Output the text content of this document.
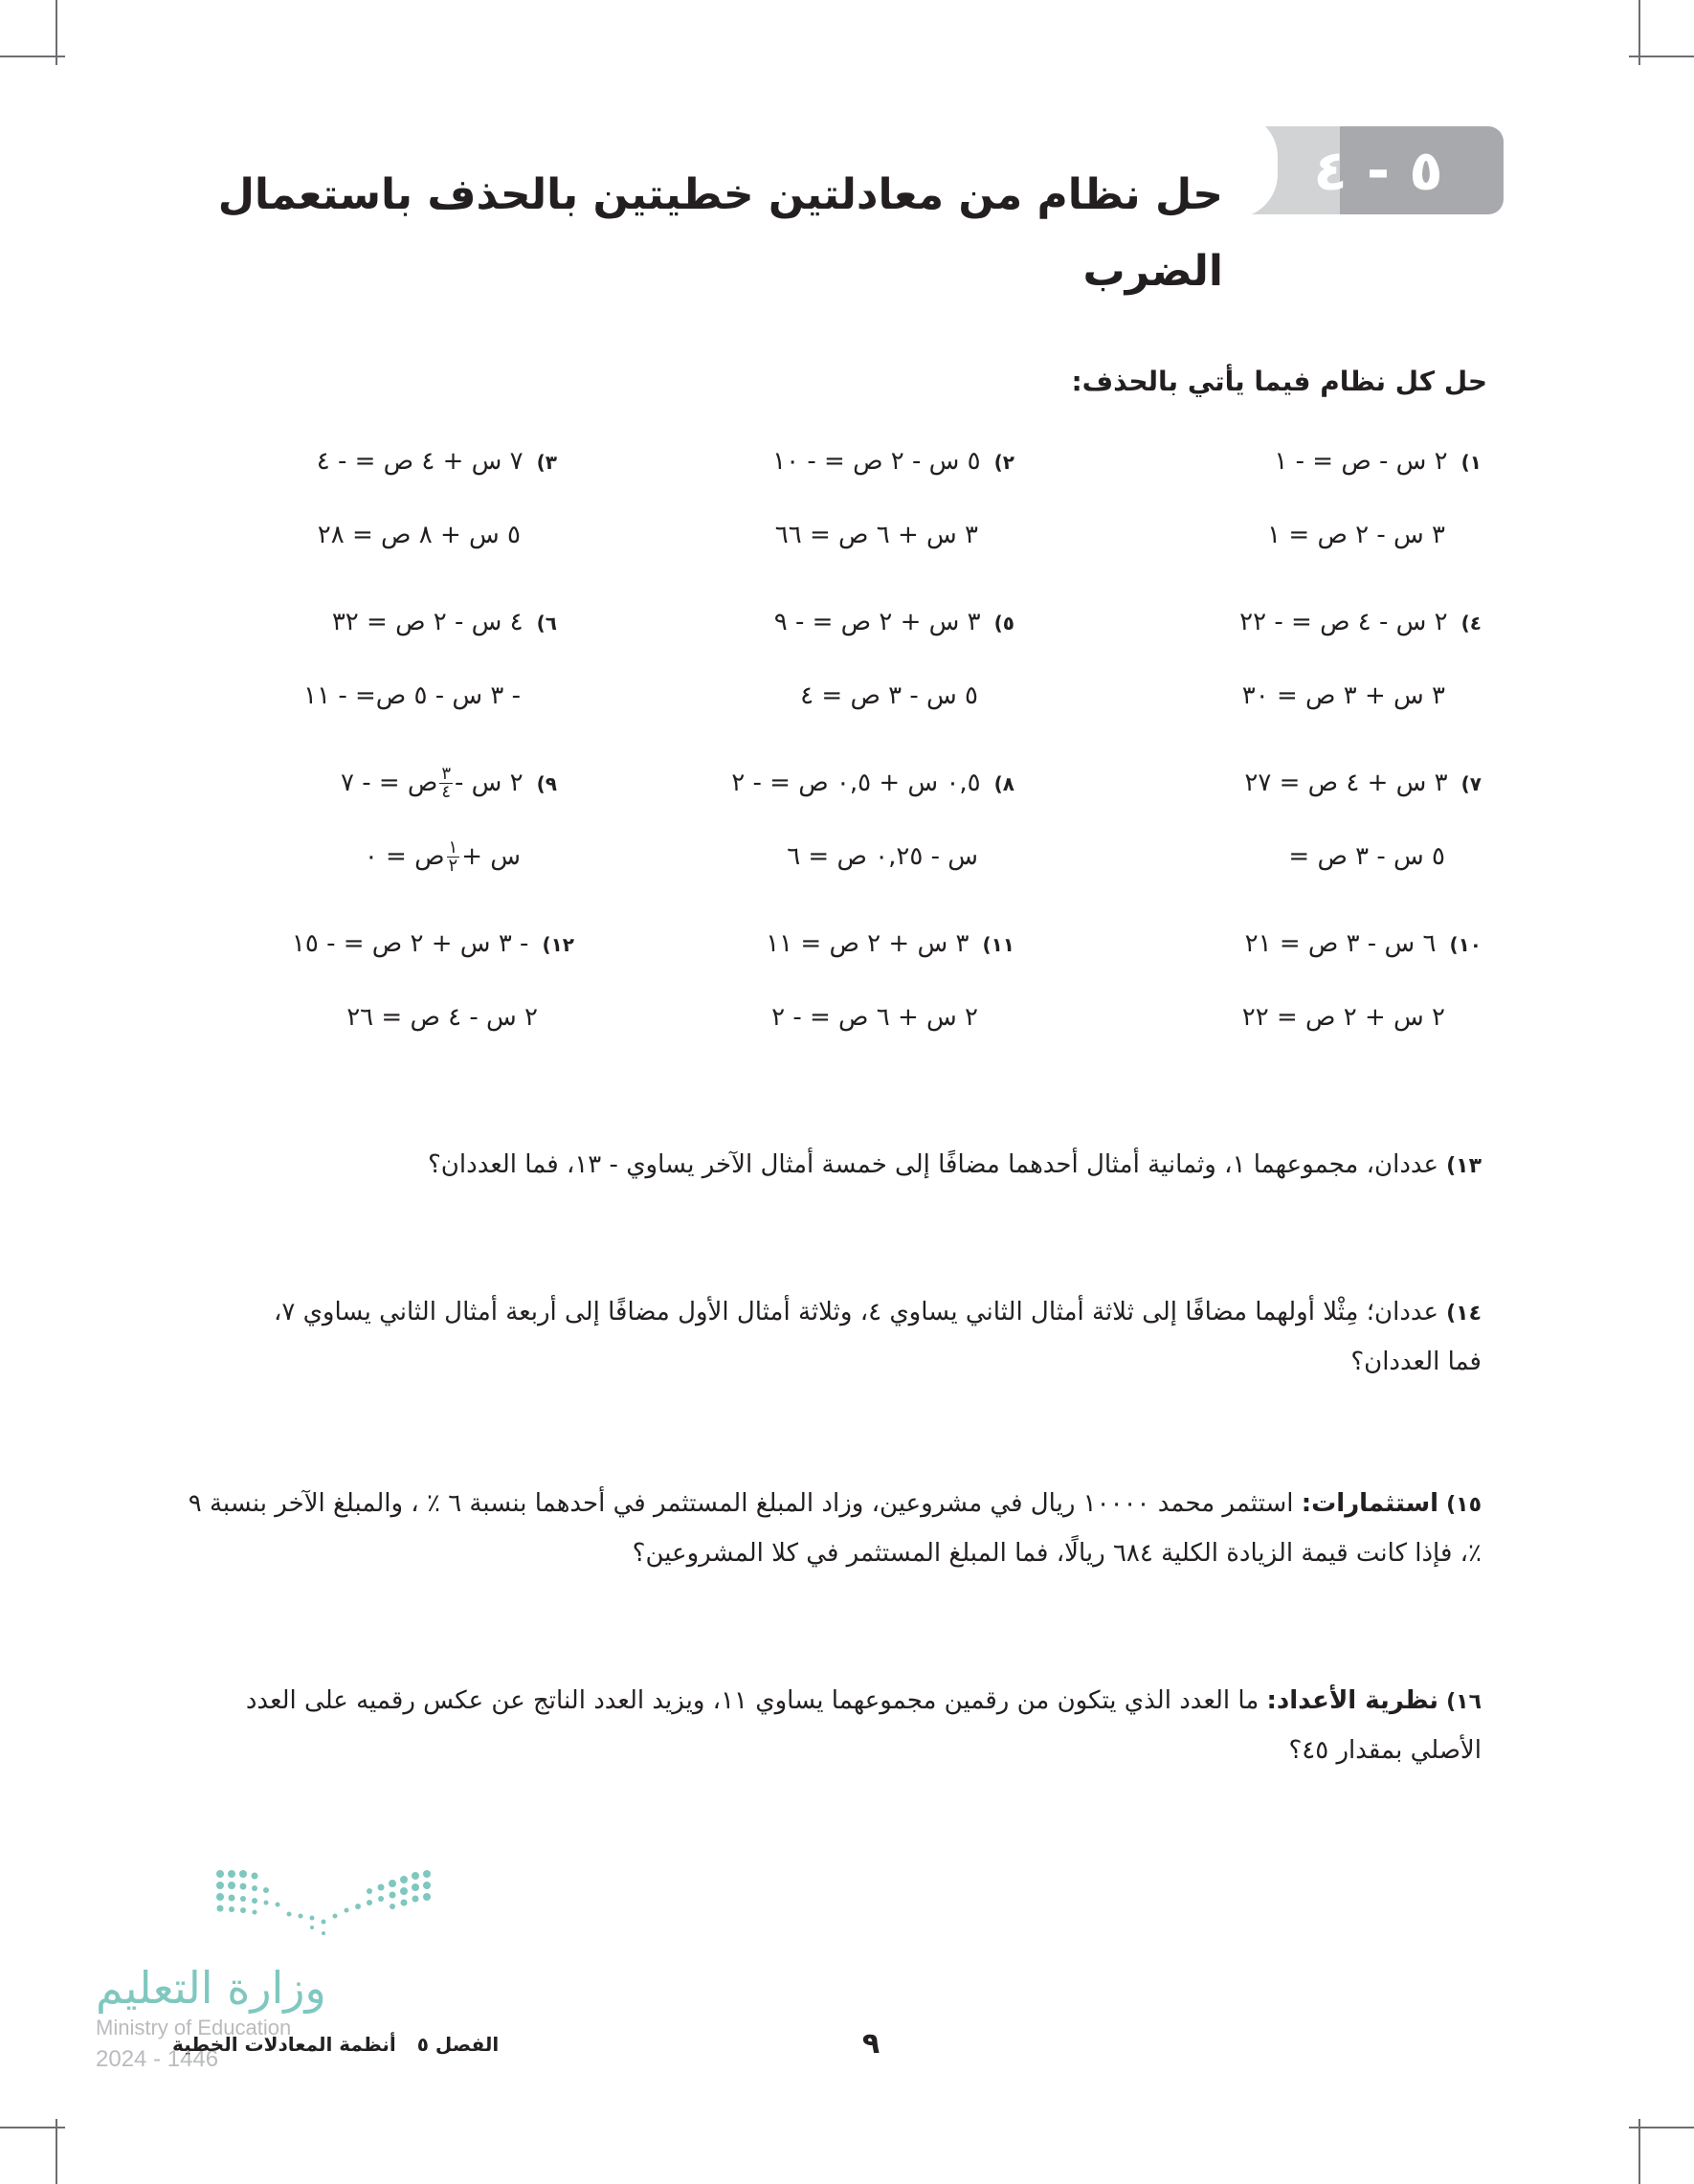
٥ - ٤
حل نظام من معادلتين خطيتين بالحذف باستعمال الضرب
حل كل نظام فيما يأتي بالحذف:
١)٢ س - ص = - ١
٣ س - ٢ ص = ١
٢)٥ س - ٢ ص = - ١٠
٣ س + ٦ ص = ٦٦
٣)٧ س + ٤ ص = - ٤
٥ س + ٨ ص = ٢٨
٤)٢ س - ٤ ص = - ٢٢
٣ س + ٣ ص = ٣٠
٥)٣ س + ٢ ص = - ٩
٥ س - ٣ ص = ٤
٦)٤ س - ٢ ص = ٣٢
- ٣ س - ٥ ص= - ١١
٧)٣ س + ٤ ص = ٢٧
٥ س - ٣ ص =
٨)٠,٥ س + ٠,٥ ص = - ٢
س - ٠,٢٥ ص = ٦
٩)٢ س -
$\frac{٣}{٤}$
ص = - ٧
س +
$\frac{١}{٢}$
ص = ٠
١٠)٦ س - ٣ ص = ٢١
٢ س + ٢ ص = ٢٢
١١)٣ س + ٢ ص = ١١
٢ س + ٦ ص = - ٢
١٢)- ٣ س + ٢ ص = - ١٥
٢ س - ٤ ص = ٢٦
١٣)عددان، مجموعهما ١، وثمانية أمثال أحدهما مضافًا إلى خمسة أمثال الآخر يساوي - ١٣، فما العددان؟
١٤)عددان؛ مِثْلا أولهما مضافًا إلى ثلاثة أمثال الثاني يساوي ٤، وثلاثة أمثال الأول مضافًا إلى أربعة أمثال الثاني يساوي ٧، فما العددان؟
١٥)استثمارات: استثمر محمد ١٠٠٠٠ ريال في مشروعين، وزاد المبلغ المستثمر في أحدهما بنسبة ٦ ٪ ، والمبلغ الآخر بنسبة ٩ ٪، فإذا كانت قيمة الزيادة الكلية ٦٨٤ ريالًا، فما المبلغ المستثمر في كلا المشروعين؟
١٦)نظرية الأعداد: ما العدد الذي يتكون من رقمين مجموعهما يساوي ١١، ويزيد العدد الناتج عن عكس رقميه على العدد الأصلي بمقدار ٤٥؟
وزارة التعليم
Ministry of Education
2024 - 1446
الفصل ٥أنظمة المعادلات الخطية	٩
